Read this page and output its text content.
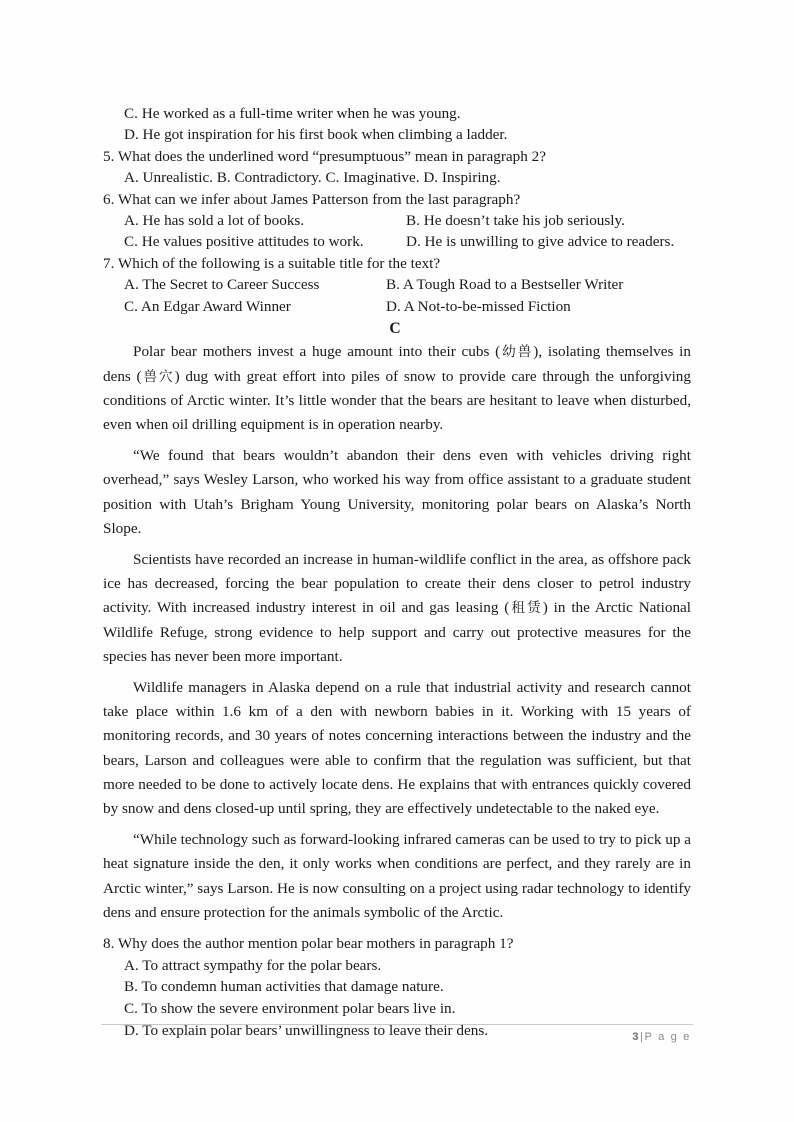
C. He worked as a full-time writer when he was young.

D. He got inspiration for his first book when climbing a ladder.

5. What does the underlined word “presumptuous” mean in paragraph 2?

A. Unrealistic. B. Contradictory. C. Imaginative. D. Inspiring.

6. What can we infer about James Patterson from the last paragraph?

A. He has sold a lot of books.	B. He doesn’t take his job seriously.
C. He values positive attitudes to work.	D. He is unwilling to give advice to readers.

7. Which of the following is a suitable title for the text?

A. The Secret to Career Success	B. A Tough Road to a Bestseller Writer
C. An Edgar Award Winner	D. A Not-to-be-missed Fiction
C

Polar bear mothers invest a huge amount into their cubs (幼兽), isolating themselves in dens (兽穴) dug with great effort into piles of snow to provide care through the unforgiving conditions of Arctic winter. It’s little wonder that the bears are hesitant to leave when disturbed, even when oil drilling equipment is in operation nearby.

“We found that bears wouldn’t abandon their dens even with vehicles driving right overhead,” says Wesley Larson, who worked his way from office assistant to a graduate student position with Utah’s Brigham Young University, monitoring polar bears on Alaska’s North Slope.

Scientists have recorded an increase in human-wildlife conflict in the area, as offshore pack ice has decreased, forcing the bear population to create their dens closer to petrol industry activity. With increased industry interest in oil and gas leasing (租赁) in the Arctic National Wildlife Refuge, strong evidence to help support and carry out protective measures for the species has never been more important.

Wildlife managers in Alaska depend on a rule that industrial activity and research cannot take place within 1.6 km of a den with newborn babies in it. Working with 15 years of monitoring records, and 30 years of notes concerning interactions between the industry and the bears, Larson and colleagues were able to confirm that the regulation was sufficient, but that more needed to be done to actively locate dens. He explains that with entrances quickly covered by snow and dens closed-up until spring, they are effectively undetectable to the naked eye.

“While technology such as forward-looking infrared cameras can be used to try to pick up a heat signature inside the den, it only works when conditions are perfect, and they rarely are in Arctic winter,” says Larson. He is now consulting on a project using radar technology to identify dens and ensure protection for the animals symbolic of the Arctic.

8. Why does the author mention polar bear mothers in paragraph 1?

A. To attract sympathy for the polar bears.

B. To condemn human activities that damage nature.

C. To show the severe environment polar bears live in.

D. To explain polar bears’ unwillingness to leave their dens.	3|P a g e
